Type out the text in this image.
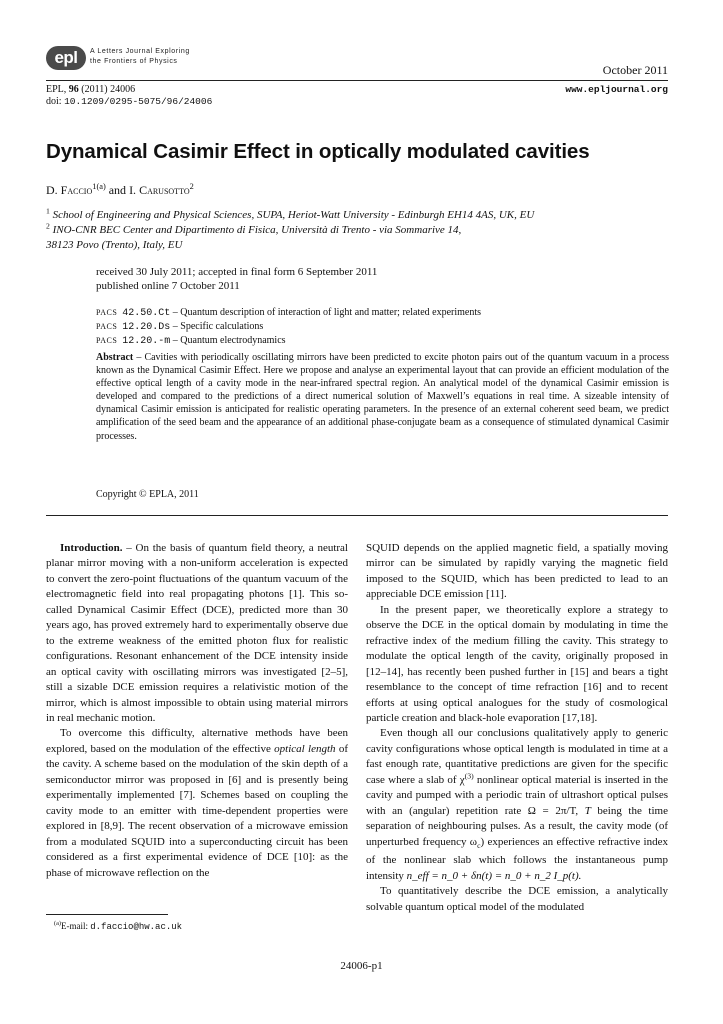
epl	A Letters Journal Exploring
the Frontiers of Physics
October 2011
EPL, 96 (2011) 24006
doi: 10.1209/0295-5075/96/24006
www.epljournal.org
Dynamical Casimir Effect in optically modulated cavities
D. Faccio$^{1(a)}$ and I. Carusotto$^2$
$^1$ School of Engineering and Physical Sciences, SUPA, Heriot-Watt University - Edinburgh EH14 4AS, UK, EU
$^2$ INO-CNR BEC Center and Dipartimento di Fisica, Università di Trento - via Sommarive 14,
38123 Povo (Trento), Italy, EU
received 30 July 2011; accepted in final form 6 September 2011
published online 7 October 2011
PACS 42.50.Ct – Quantum description of interaction of light and matter; related experiments
PACS 12.20.Ds – Specific calculations
PACS 12.20.-m – Quantum electrodynamics
Abstract – Cavities with periodically oscillating mirrors have been predicted to excite photon pairs out of the quantum vacuum in a process known as the Dynamical Casimir Effect. Here we propose and analyse an experimental layout that can provide an efficient modulation of the effective optical length of a cavity mode in the near-infrared spectral region. An analytical model of the dynamical Casimir emission is developed and compared to the predictions of a direct numerical solution of Maxwell’s equations in real time. A sizeable intensity of dynamical Casimir emission is anticipated for realistic operating parameters. In the presence of an external coherent seed beam, we predict amplification of the seed beam and the appearance of an additional phase-conjugate beam as a consequence of stimulated dynamical Casimir processes.
Copyright © EPLA, 2011

Introduction. – On the basis of quantum field theory, a neutral planar mirror moving with a non-uniform acceleration is expected to convert the zero-point fluctuations of the quantum vacuum of the electromagnetic field into real propagating photons [1]. This so-called Dynamical Casimir Effect (DCE), predicted more than 30 years ago, has proved extremely hard to experimentally observe due to the extreme weakness of the emitted photon flux for realistic configurations. Resonant enhancement of the DCE intensity inside an optical cavity with oscillating mirrors was investigated [2–5], still a sizable DCE emission requires a relativistic motion of the mirror, which is almost impossible to obtain using material mirrors in real mechanic motion.

To overcome this difficulty, alternative methods have been explored, based on the modulation of the effective optical length of the cavity. A scheme based on the modulation of the skin depth of a semiconductor mirror was proposed in [6] and is presently being experimentally implemented [7]. Schemes based on coupling the cavity mode to an emitter with time-dependent properties were explored in [8,9]. The recent observation of a microwave emission from a modulated SQUID into a superconducting circuit has been considered as a first experimental evidence of DCE [10]: as the phase of microwave reflection on the

SQUID depends on the applied magnetic field, a spatially moving mirror can be simulated by rapidly varying the magnetic field imposed to the SQUID, which has been predicted to lead to an appreciable DCE emission [11].

In the present paper, we theoretically explore a strategy to observe the DCE in the optical domain by modulating in time the refractive index of the medium filling the cavity. This strategy to modulate the optical length of the cavity, originally proposed in [12–14], has recently been pushed further in [15] and bears a tight resemblance to the concept of time refraction [16] and to recent efforts at using optical analogues for the study of cosmological particle creation and black-hole evaporation [17,18].

Even though all our conclusions qualitatively apply to generic cavity configurations whose optical length is modulated in time at a fast enough rate, quantitative predictions are given for the specific case where a slab of $\chi^{(3)}$ nonlinear optical material is inserted in the cavity and pumped with a periodic train of ultrashort optical pulses with an (angular) repetition rate Ω = 2π/T, T being the time separation of neighbouring pulses. As a result, the cavity mode (of unperturbed frequency $\omega_c$) experiences an effective refractive index of the nonlinear slab which follows the instantaneous pump intensity n_eff = n_0 + δn(t) = n_0 + n_2 I_p(t).

To quantitatively describe the DCE emission, a analytically solvable quantum optical model of the modulated

$^{(a)}$E-mail: d.faccio@hw.ac.uk
24006-p1
